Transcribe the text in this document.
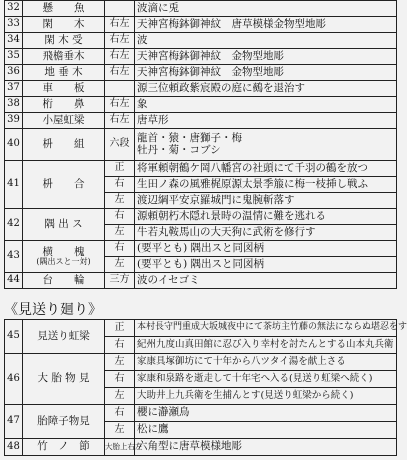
32	懸　　魚		波滴に兎
33	閑　　木	右左	天神宮梅鉢御神紋　唐草模様金物型地彫
34	閑 木 受	右左	波
35	飛檐垂木	右左	天神宮梅鉢御神紋　金物型地彫
36	地 垂 木	右左	天神宮梅鉢御神紋　金物型地彫
37	車　　板		源三位頼政紫宸殿の庭に鵺を退治す
38	桁　　鼻	右左	象
39	小屋虹梁	右左	唐草形
40	枡　　組	六段	龍首・猿・唐獅子・梅
牡丹・菊・コブシ

41	枡　　合	正	将軍頼朝鶴ケ岡八幡宮の社頭にて千羽の鶴を放つ
		右	生田ノ森の風雅梶原源太景季箙に梅一枝挿し戦ふ
		左	渡辺綱平安京羅城門に鬼腕斬落す
42	隅 出 ス	右	源頼朝朽木隠れ景時の温情に難を逃れる
		左	牛若丸鞍馬山の大天狗に武術を修行す
43	横　　槐
(隅出スと一対)	右	(要平とも) 隅出スと同図柄
		左	(要平とも) 隅出スと同図柄
44	台　　輪	三方	波のイセゴミ
《見送り廻り》
45	見送り虹梁	正	本村長守門重成大坂城夜中にて茶坊主竹藤の無法にならぬ堪忍をす
		右	紀州九度山真田館に忍び入り幸村を討たんとする山本丸兵衛
46	大 胎 物 見	左	家康具塚御坊にて十年から八ツタイ湯を献上さる
		右	家康和泉路を逝走して十年宅へ入る(見送り虹梁へ続く)
		左	大助井上九兵衛を生捕んとす(見送り虹梁から続く)
47	胎障子物見	右	櫻に瀞瀬鳥
		左	松に鷹
48	竹　ノ　節	大胎上右左	六角型に唐草模様地彫
